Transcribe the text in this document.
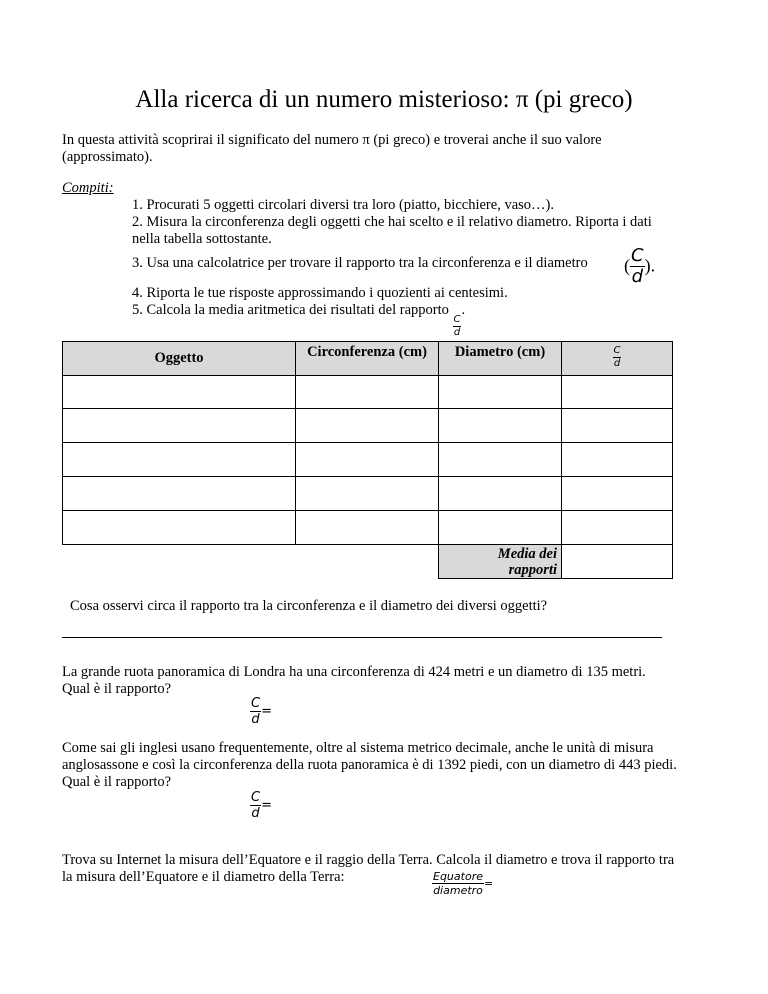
Alla ricerca di un numero misterioso: π (pi greco)
In questa attività scoprirai il significato del numero π (pi greco) e troverai anche il suo valore (approssimato).
Compiti:
1. Procurati 5 oggetti circolari diversi tra loro (piatto, bicchiere, vaso…).
2. Misura la circonferenza degli oggetti che hai scelto e il relativo diametro. Riporta i dati nella tabella sottostante.
3. Usa una calcolatrice per trovare il rapporto tra la circonferenza e il diametro ( $\frac{C}{d}$ ).
4. Riporta le tue risposte approssimando i quozienti ai centesimi.
5. Calcola la media aritmetica dei risultati del rapporto
$\frac{C}{d}$
.
Oggetto	Circonferenza (cm)	Diametro (cm)	$\frac{C}{d}$

		Media dei rapporti	
Cosa osservi circa il rapporto tra la circonferenza e il diametro dei diversi oggetti?
La grande ruota panoramica di Londra ha una circonferenza di 424 metri e un diametro di 135 metri. Qual è il rapporto?
$\frac{C}{d}$ =
Come sai gli inglesi usano frequentemente, oltre al sistema metrico decimale, anche le unità di misura anglosassone e così la circonferenza della ruota panoramica è di 1392 piedi, con un diametro di 443 piedi. Qual è il rapporto?
$\frac{C}{d}$ =
Trova su Internet la misura dell’Equatore e il raggio della Terra. Calcola il diametro e trova il rapporto tra la misura dell’Equatore e il diametro della Terra:	$\frac{\text{Equatore}}{\text{diametro}}$ =
